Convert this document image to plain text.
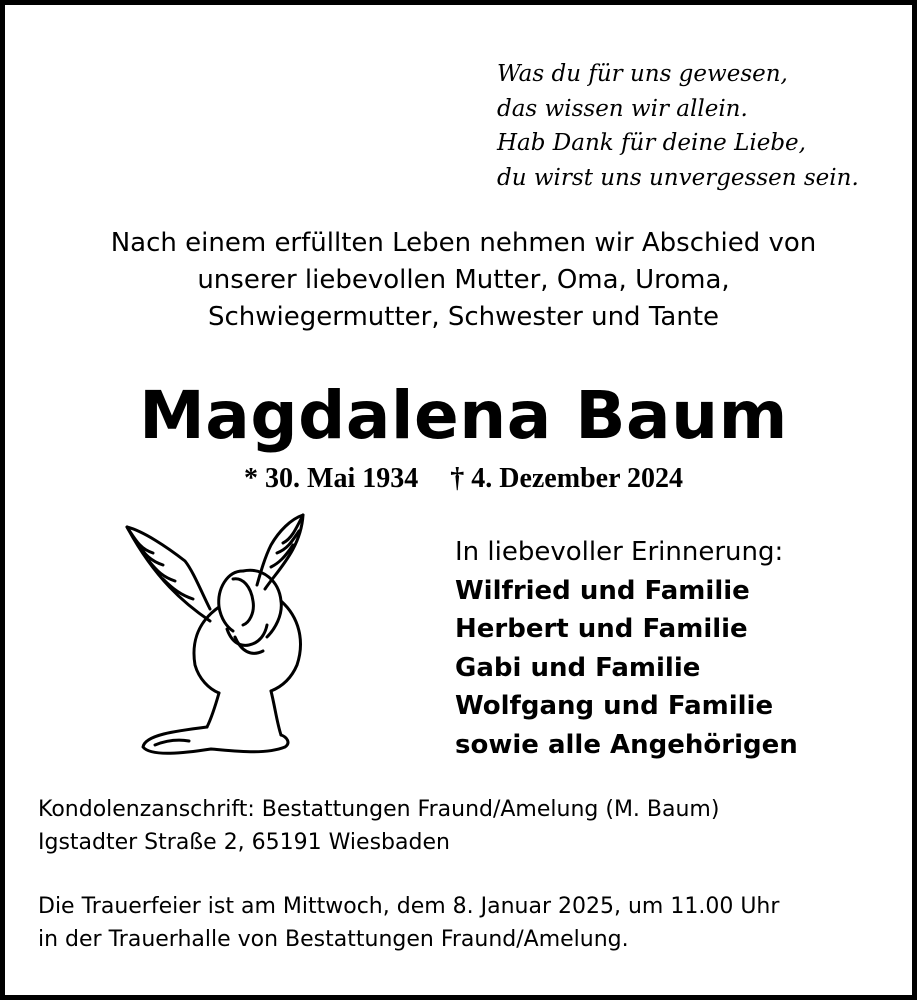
Was du für uns gewesen,
das wissen wir allein.
Hab Dank für deine Liebe,
du wirst uns unvergessen sein.
Nach einem erfüllten Leben nehmen wir Abschied von
unserer liebevollen Mutter, Oma, Uroma,
Schwiegermutter, Schwester und Tante
Magdalena Baum
* 30. Mai 1934 † 4. Dezember 2024
In liebevoller Erinnerung:
Wilfried und Familie
Herbert und Familie
Gabi und Familie
Wolfgang und Familie
sowie alle Angehörigen
Kondolenzanschrift: Bestattungen Fraund/Amelung (M. Baum)
Igstadter Straße 2, 65191 Wiesbaden
Die Trauerfeier ist am Mittwoch, dem 8. Januar 2025, um 11.00 Uhr
in der Trauerhalle von Bestattungen Fraund/Amelung.
